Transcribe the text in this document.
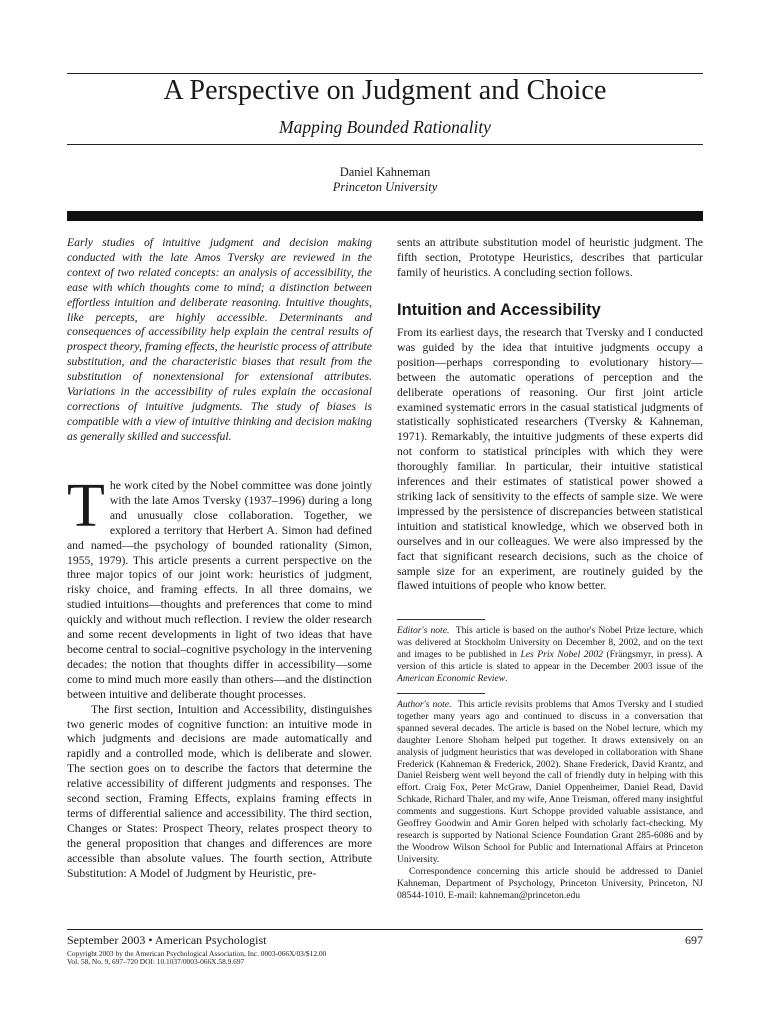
A Perspective on Judgment and Choice
Mapping Bounded Rationality
Daniel Kahneman
Princeton University
Early studies of intuitive judgment and decision making conducted with the late Amos Tversky are reviewed in the context of two related concepts: an analysis of accessibility, the ease with which thoughts come to mind; a distinction between effortless intuition and deliberate reasoning. Intuitive thoughts, like percepts, are highly accessible. Determinants and consequences of accessibility help explain the central results of prospect theory, framing effects, the heuristic process of attribute substitution, and the characteristic biases that result from the substitution of nonextensional for extensional attributes. Variations in the accessibility of rules explain the occasional corrections of intuitive judgments. The study of biases is compatible with a view of intuitive thinking and decision making as generally skilled and successful.

The work cited by the Nobel committee was done jointly with the late Amos Tversky (1937–1996) during a long and unusually close collaboration. Together, we explored a territory that Herbert A. Simon had defined and named—the psychology of bounded rationality (Simon, 1955, 1979). This article presents a current perspective on the three major topics of our joint work: heuristics of judgment, risky choice, and framing effects. In all three domains, we studied intuitions—thoughts and preferences that come to mind quickly and without much reflection. I review the older research and some recent developments in light of two ideas that have become central to social–cognitive psychology in the intervening decades: the notion that thoughts differ in accessibility—some come to mind much more easily than others—and the distinction between intuitive and deliberate thought processes.

The first section, Intuition and Accessibility, distinguishes two generic modes of cognitive function: an intuitive mode in which judgments and decisions are made automatically and rapidly and a controlled mode, which is deliberate and slower. The section goes on to describe the factors that determine the relative accessibility of different judgments and responses. The second section, Framing Effects, explains framing effects in terms of differential salience and accessibility. The third section, Changes or States: Prospect Theory, relates prospect theory to the general proposition that changes and differences are more accessible than absolute values. The fourth section, Attribute Substitution: A Model of Judgment by Heuristic, pre-

sents an attribute substitution model of heuristic judgment. The fifth section, Prototype Heuristics, describes that particular family of heuristics. A concluding section follows.
Intuition and Accessibility
From its earliest days, the research that Tversky and I conducted was guided by the idea that intuitive judgments occupy a position—perhaps corresponding to evolutionary history—between the automatic operations of perception and the deliberate operations of reasoning. Our first joint article examined systematic errors in the casual statistical judgments of statistically sophisticated researchers (Tversky & Kahneman, 1971). Remarkably, the intuitive judgments of these experts did not conform to statistical principles with which they were thoroughly familiar. In particular, their intuitive statistical inferences and their estimates of statistical power showed a striking lack of sensitivity to the effects of sample size. We were impressed by the persistence of discrepancies between statistical intuition and statistical knowledge, which we observed both in ourselves and in our colleagues. We were also impressed by the fact that significant research decisions, such as the choice of sample size for an experiment, are routinely guided by the flawed intuitions of people who know better.
Editor's note. This article is based on the author's Nobel Prize lecture, which was delivered at Stockholm University on December 8, 2002, and on the text and images to be published in Les Prix Nobel 2002 (Frängsmyr, in press). A version of this article is slated to appear in the December 2003 issue of the American Economic Review.

Author's note. This article revisits problems that Amos Tversky and I studied together many years ago and continued to discuss in a conversation that spanned several decades. The article is based on the Nobel lecture, which my daughter Lenore Shoham helped put together. It draws extensively on an analysis of judgment heuristics that was developed in collaboration with Shane Frederick (Kahneman & Frederick, 2002). Shane Frederick, David Krantz, and Daniel Reisberg went well beyond the call of friendly duty in helping with this effort. Craig Fox, Peter McGraw, Daniel Oppenheimer, Daniel Read, David Schkade, Richard Thaler, and my wife, Anne Treisman, offered many insightful comments and suggestions. Kurt Schoppe provided valuable assistance, and Geoffrey Goodwin and Amir Goren helped with scholarly fact-checking. My research is supported by National Science Foundation Grant 285-6086 and by the Woodrow Wilson School for Public and International Affairs at Princeton University.

Correspondence concerning this article should be addressed to Daniel Kahneman, Department of Psychology, Princeton University, Princeton, NJ 08544-1010. E-mail: kahneman@princeton.edu

September 2003 • American Psychologist	697
Copyright 2003 by the American Psychological Association, Inc. 0003-066X/03/$12.00
Vol. 58, No. 9, 697–720 DOI: 10.1037/0003-066X.58.9.697
